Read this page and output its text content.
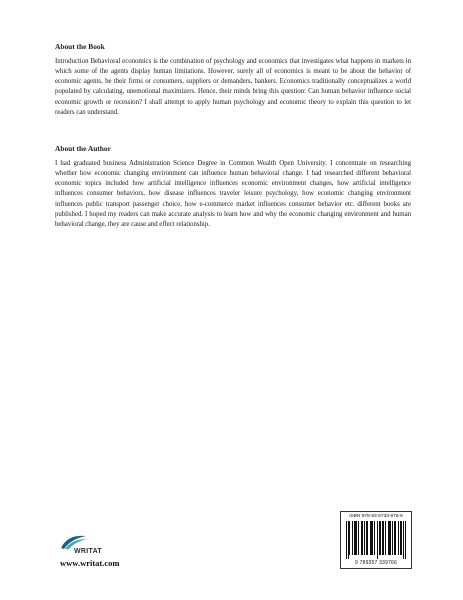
About the Book

Introduction Behavioral economics is the combination of psychology and economics that investigates what happens in markets in which some of the agents display human limitations. However, surely all of economics is meant to be about the behavior of economic agents, be their firms or consumers, suppliers or demanders, bankers. Economics traditionally conceptualizes a world populated by calculating, unemotional maximizers. Hence, their minds bring this question: Can human behavior influence social economic growth or recession? I shall attempt to apply human psychology and economic theory to explain this question to let readers can understand.

About the Author

I had graduated business Administration Science Degree in Common Wealth Open University. I concentrate on researching whether how economic changing environment can influence human behavioral change. I had researched different behavioral economic topics included how artificial intelligence influences economic environment changes, how artificial intelligence influences consumer behaviors, how disease influences traveler leisure psychology, how economic changing environment influences public transport passenger choice, how e-commerce market influences consumer behavior etc. different books are published. I hoped my readers can make accurate analysis to learn how and why the economic changing environment and human behavioral change, they are cause and effect relationship.

WRITAT
www.writat.com
ISBN 978-93-5733-976-6
9 789357 339766
